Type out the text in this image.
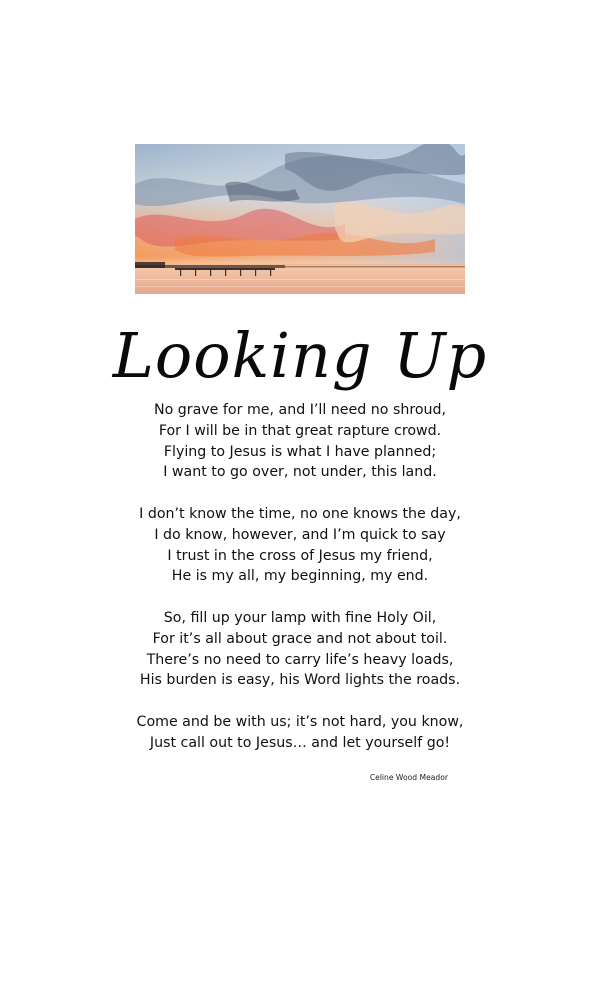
Looking Up
No grave for me, and I’ll need no shroud,
For I will be in that great rapture crowd.
Flying to Jesus is what I have planned;
I want to go over, not under, this land.
I don’t know the time, no one knows the day,
I do know, however, and I’m quick to say
I trust in the cross of Jesus my friend,
He is my all, my beginning, my end.
So, fill up your lamp with fine Holy Oil,
For it’s all about grace and not about toil.
There’s no need to carry life’s heavy loads,
His burden is easy, his Word lights the roads.
Come and be with us; it’s not hard, you know,
Just call out to Jesus… and let yourself go!
Celine Wood Meador
